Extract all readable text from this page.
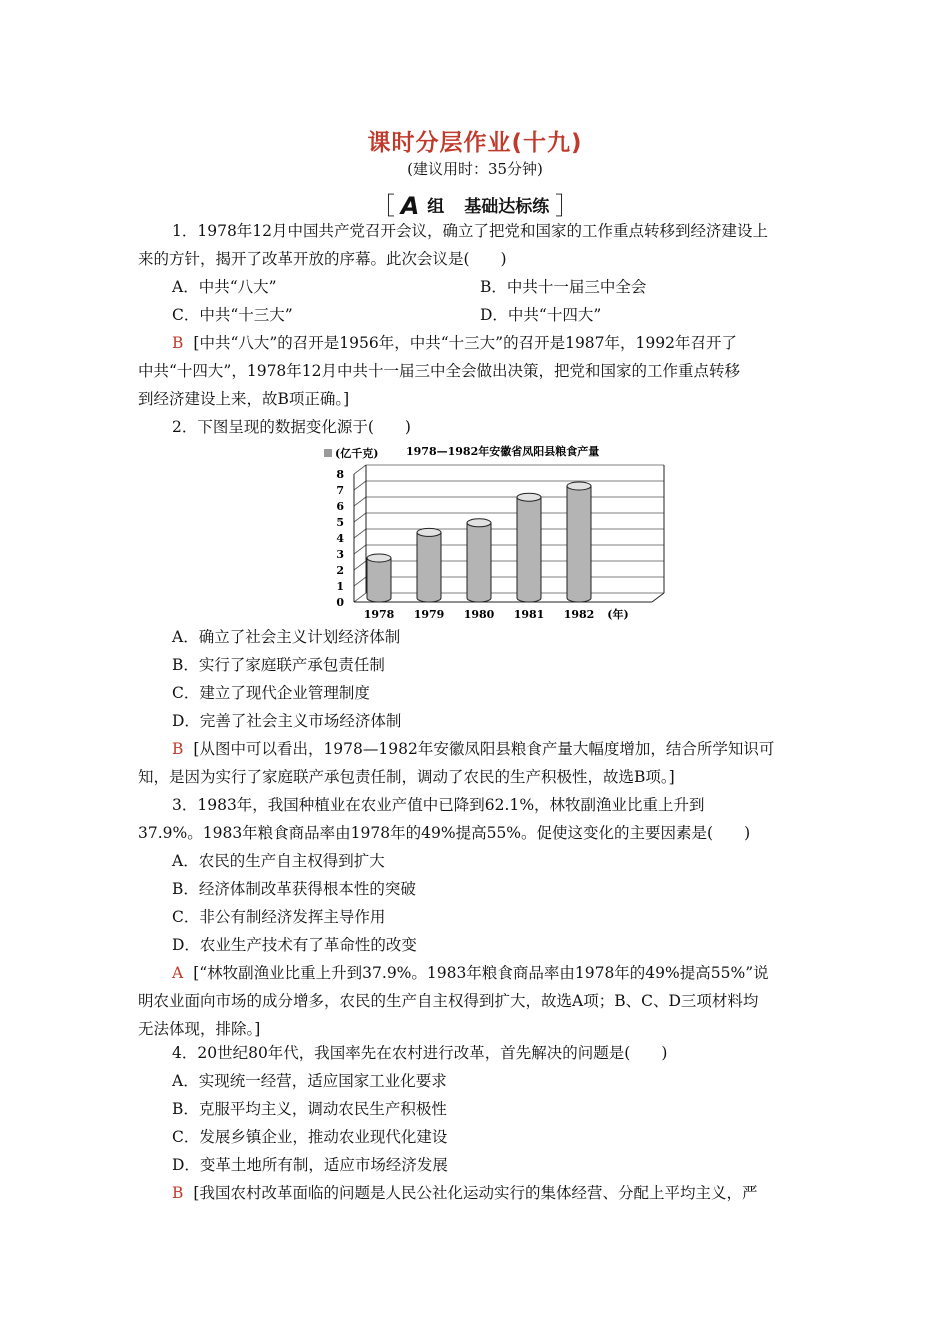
课时分层作业(十九)
(建议用时：35分钟)
［ A 组 基础达标练 ］
1．1978年12月中国共产党召开会议，确立了把党和国家的工作重点转移到经济建设上
来的方针，揭开了改革开放的序幕。此次会议是(　　)
A．中共“八大”	B．中共十一届三中全会
C．中共“十三大”	D．中共“十四大”
B [中共“八大”的召开是1956年，中共“十三大”的召开是1987年，1992年召开了
中共“十四大”，1978年12月中共十一届三中全会做出决策，把党和国家的工作重点转移
到经济建设上来，故B项正确。]
2．下图呈现的数据变化源于(　　)
0
1
2
3
4
5
6
7
8
(亿千克)	1978—1982年安徽省凤阳县粮食产量
1978 1979 1980 1981 1982 (年)
A．确立了社会主义计划经济体制
B．实行了家庭联产承包责任制
C．建立了现代企业管理制度
D．完善了社会主义市场经济体制
B [从图中可以看出，1978—1982年安徽凤阳县粮食产量大幅度增加，结合所学知识可
知，是因为实行了家庭联产承包责任制，调动了农民的生产积极性，故选B项。]
3．1983年，我国种植业在农业产值中已降到62.1%，林牧副渔业比重上升到
37.9%。1983年粮食商品率由1978年的49%提高55%。促使这变化的主要因素是(　　)
A．农民的生产自主权得到扩大
B．经济体制改革获得根本性的突破
C．非公有制经济发挥主导作用
D．农业生产技术有了革命性的改变
A [“林牧副渔业比重上升到37.9%。1983年粮食商品率由1978年的49%提高55%”说
明农业面向市场的成分增多，农民的生产自主权得到扩大，故选A项；B、C、D三项材料均
无法体现，排除。]
4．20世纪80年代，我国率先在农村进行改革，首先解决的问题是(　　)
A．实现统一经营，适应国家工业化要求
B．克服平均主义，调动农民生产积极性
C．发展乡镇企业，推动农业现代化建设
D．变革土地所有制，适应市场经济发展
B [我国农村改革面临的问题是人民公社化运动实行的集体经营、分配上平均主义，严
